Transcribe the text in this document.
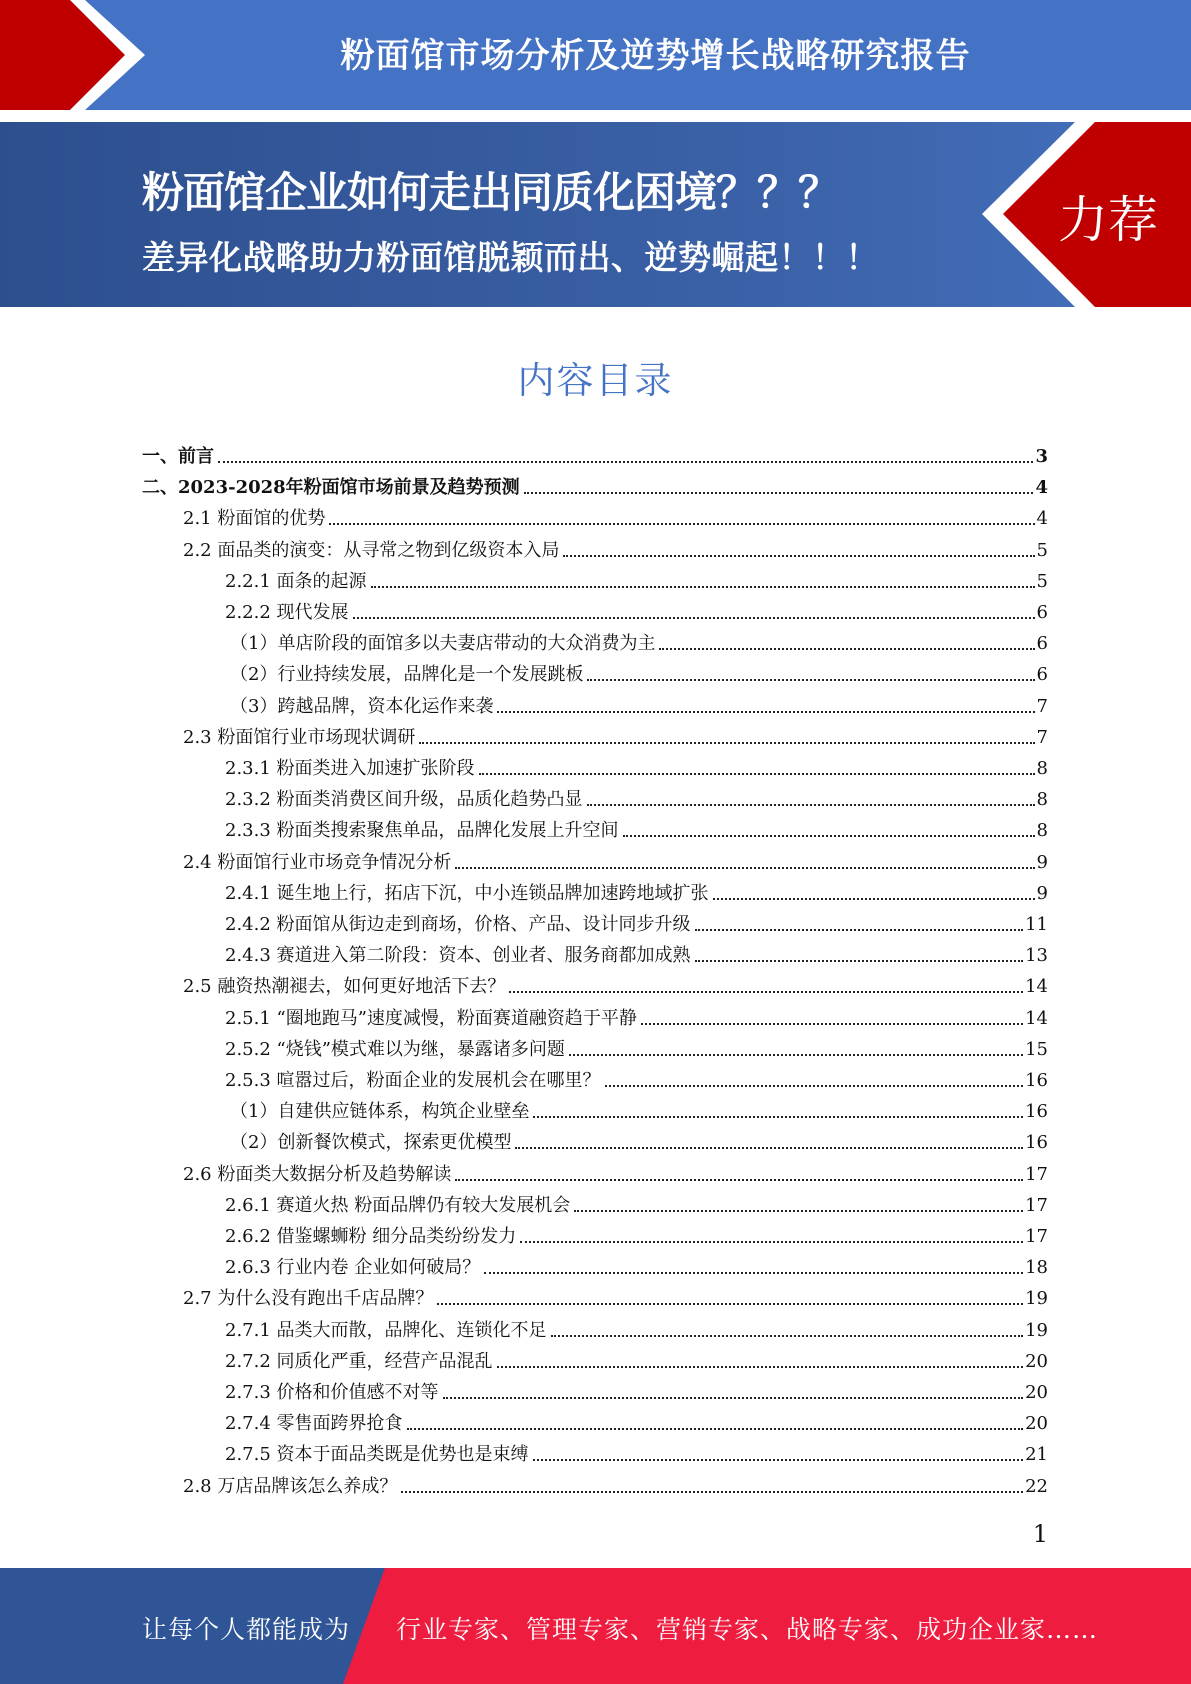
粉面馆市场分析及逆势增长战略研究报告
粉面馆企业如何走出同质化困境？？？
差异化战略助力粉面馆脱颖而出、逆势崛起！！！
力荐
内容目录
一、前言	3
二、2023-2028年粉面馆市场前景及趋势预测	4
2.1 粉面馆的优势	4
2.2 面品类的演变：从寻常之物到亿级资本入局	5
2.2.1 面条的起源	5
2.2.2 现代发展	6
（1）单店阶段的面馆多以夫妻店带动的大众消费为主	6
（2）行业持续发展，品牌化是一个发展跳板	6
（3）跨越品牌，资本化运作来袭	7
2.3 粉面馆行业市场现状调研	7
2.3.1 粉面类进入加速扩张阶段	8
2.3.2 粉面类消费区间升级，品质化趋势凸显	8
2.3.3 粉面类搜索聚焦单品，品牌化发展上升空间	8
2.4 粉面馆行业市场竞争情况分析	9
2.4.1 诞生地上行，拓店下沉，中小连锁品牌加速跨地域扩张	9
2.4.2 粉面馆从街边走到商场，价格、产品、设计同步升级	11
2.4.3 赛道进入第二阶段：资本、创业者、服务商都加成熟	13
2.5 融资热潮褪去，如何更好地活下去？	14
2.5.1 “圈地跑马”速度减慢，粉面赛道融资趋于平静	14
2.5.2 “烧钱”模式难以为继，暴露诸多问题	15
2.5.3 喧嚣过后，粉面企业的发展机会在哪里？	16
（1）自建供应链体系，构筑企业壁垒	16
（2）创新餐饮模式，探索更优模型	16
2.6 粉面类大数据分析及趋势解读	17
2.6.1 赛道火热 粉面品牌仍有较大发展机会	17
2.6.2 借鉴螺蛳粉 细分品类纷纷发力	17
2.6.3 行业内卷 企业如何破局？	18
2.7 为什么没有跑出千店品牌？	19
2.7.1 品类大而散，品牌化、连锁化不足	19
2.7.2 同质化严重，经营产品混乱	20
2.7.3 价格和价值感不对等	20
2.7.4 零售面跨界抢食	20
2.7.5 资本于面品类既是优势也是束缚	21
2.8 万店品牌该怎么养成？	22
1
让每个人都能成为 行业专家、管理专家、营销专家、战略专家、成功企业家……
